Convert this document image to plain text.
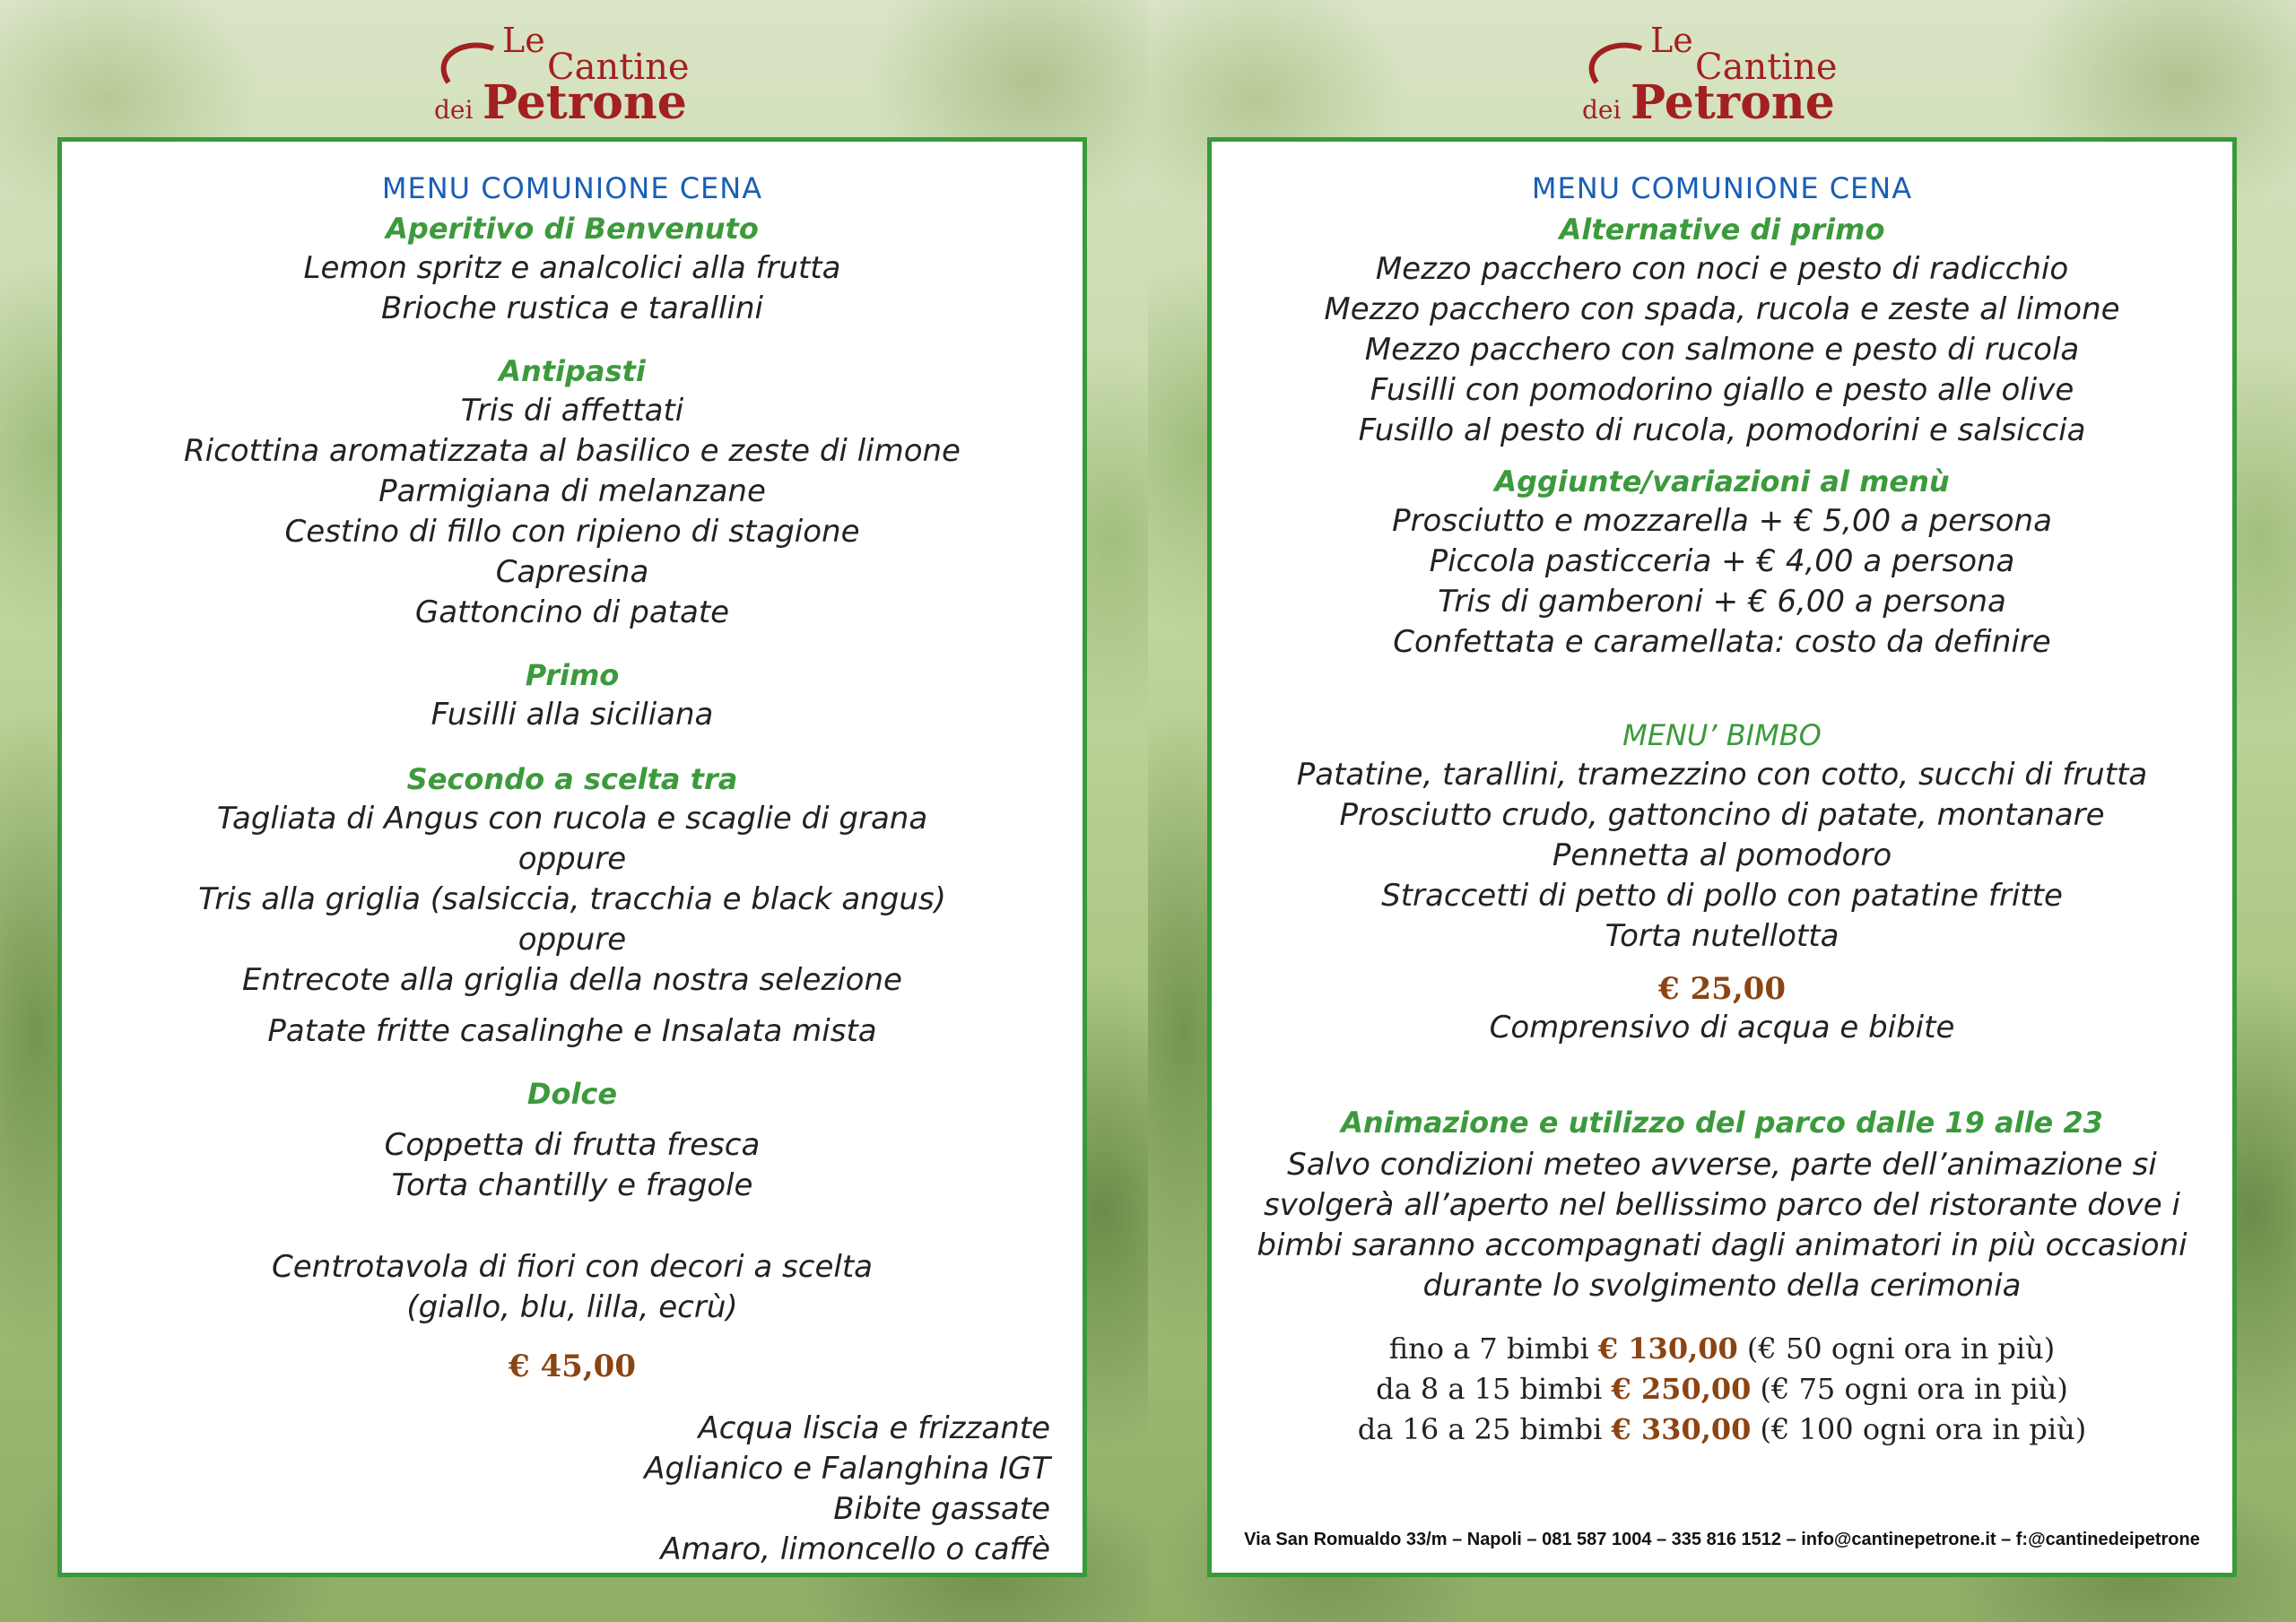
Le
Cantine
dei Petrone
MENU COMUNIONE CENA
Aperitivo di Benvenuto
Lemon spritz e analcolici alla frutta
Brioche rustica e tarallini
Antipasti
Tris di affettati
Ricottina aromatizzata al basilico e zeste di limone
Parmigiana di melanzane
Cestino di fillo con ripieno di stagione
Capresina
Gattoncino di patate
Primo
Fusilli alla siciliana
Secondo a scelta tra
Tagliata di Angus con rucola e scaglie di grana
oppure
Tris alla griglia (salsiccia, tracchia e black angus)
oppure
Entrecote alla griglia della nostra selezione
Patate fritte casalinghe e Insalata mista
Dolce
Coppetta di frutta fresca
Torta chantilly e fragole
Centrotavola di fiori con decori a scelta
(giallo, blu, lilla, ecrù)
€ 45,00
Acqua liscia e frizzante
Aglianico e Falanghina IGT
Bibite gassate
Amaro, limoncello o caffè
Le
Cantine
dei Petrone
MENU COMUNIONE CENA
Alternative di primo
Mezzo pacchero con noci e pesto di radicchio
Mezzo pacchero con spada, rucola e zeste al limone
Mezzo pacchero con salmone e pesto di rucola
Fusilli con pomodorino giallo e pesto alle olive
Fusillo al pesto di rucola, pomodorini e salsiccia
Aggiunte/variazioni al menù
Prosciutto e mozzarella + € 5,00 a persona
Piccola pasticceria + € 4,00 a persona
Tris di gamberoni + € 6,00 a persona
Confettata e caramellata: costo da definire
MENU’ BIMBO
Patatine, tarallini, tramezzino con cotto, succhi di frutta
Prosciutto crudo, gattoncino di patate, montanare
Pennetta al pomodoro
Straccetti di petto di pollo con patatine fritte
Torta nutellotta
€ 25,00
Comprensivo di acqua e bibite
Animazione e utilizzo del parco dalle 19 alle 23
Salvo condizioni meteo avverse, parte dell’animazione si
svolgerà all’aperto nel bellissimo parco del ristorante dove i
bimbi saranno accompagnati dagli animatori in più occasioni
durante lo svolgimento della cerimonia
fino a 7 bimbi € 130,00 (€ 50 ogni ora in più)
da 8 a 15 bimbi € 250,00 (€ 75 ogni ora in più)
da 16 a 25 bimbi € 330,00 (€ 100 ogni ora in più)
Via San Romualdo 33/m – Napoli – 081 587 1004 – 335 816 1512 – info@cantinepetrone.it – f:@cantinedeipetrone
